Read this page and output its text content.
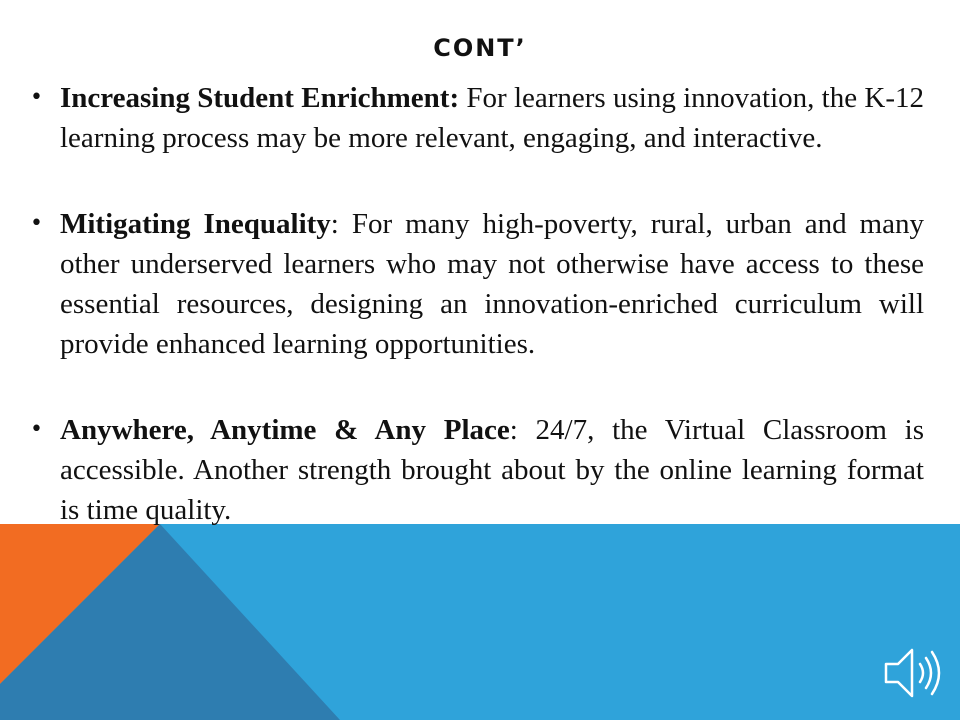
CONT’
• Increasing Student Enrichment: For learners using innovation, the K-12 learning process may be more relevant, engaging, and interactive.
• Mitigating Inequality: For many high-poverty, rural, urban and many other underserved learners who may not otherwise have access to these essential resources, designing an innovation-enriched curriculum will provide enhanced learning opportunities.
• Anywhere, Anytime & Any Place: 24/7, the Virtual Classroom is accessible. Another strength brought about by the online learning format is time quality.
